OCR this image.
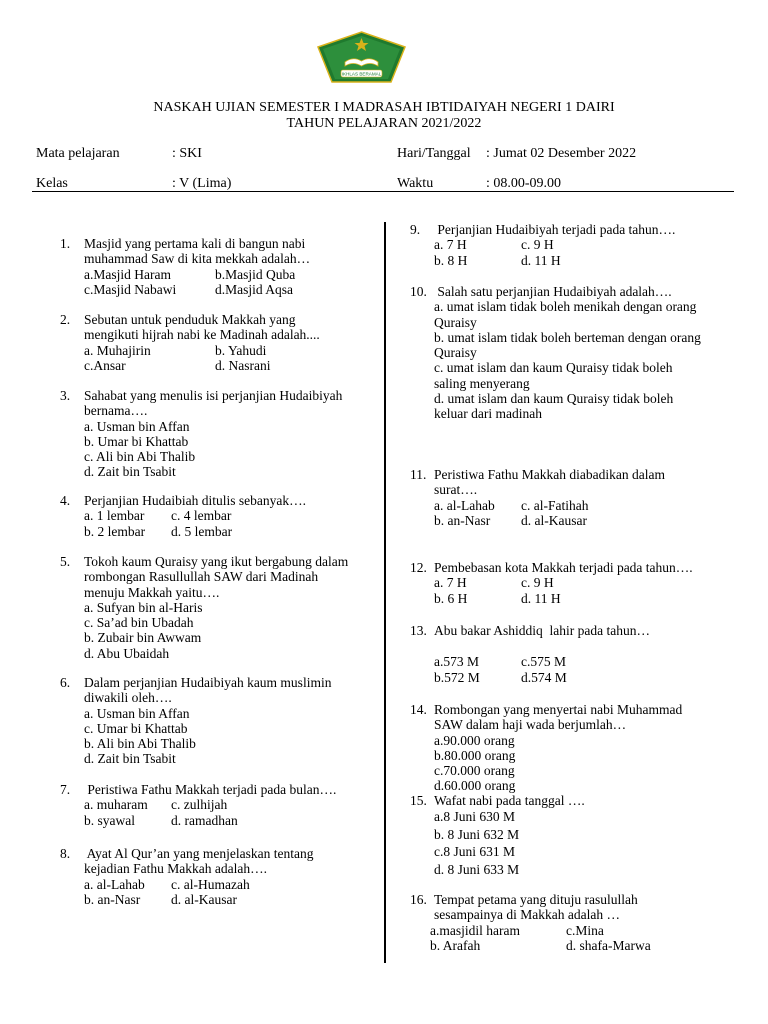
IKHLAS BERAMAL
NASKAH UJIAN SEMESTER I MADRASAH IBTIDAIYAH NEGERI 1 DAIRI
TAHUN PELAJARAN 2021/2022
Mata pelajaran	: SKI	Hari/Tanggal : Jumat 02 Desember 2022
Kelas	: V (Lima)	Waktu	: 08.00-09.00
1. Masjid yang pertama kali di bangun nabi
muhammad Saw di kita mekkah adalah…
a.Masjid Haram	b.Masjid Quba
c.Masjid Nabawi	d.Masjid Aqsa
2. Sebutan untuk penduduk Makkah yang
mengikuti hijrah nabi ke Madinah adalah....
a. Muhajirin	b. Yahudi
c.Ansar	d. Nasrani
3. Sahabat yang menulis isi perjanjian Hudaibiyah
bernama….
a. Usman bin Affan
b. Umar bi Khattab
c. Ali bin Abi Thalib
d. Zait bin Tsabit
4. Perjanjian Hudaibiah ditulis sebanyak….
a. 1 lembar c. 4 lembar
b. 2 lembar d. 5 lembar
5. Tokoh kaum Quraisy yang ikut bergabung dalam
rombongan Rasullullah SAW dari Madinah
menuju Makkah yaitu….
a. Sufyan bin al-Haris
c. Sa’ad bin Ubadah
b. Zubair bin Awwam
d. Abu Ubaidah
6. Dalam perjanjian Hudaibiyah kaum muslimin
diwakili oleh….
a. Usman bin Affan
c. Umar bi Khattab
b. Ali bin Abi Thalib
d. Zait bin Tsabit
7. Peristiwa Fathu Makkah terjadi pada bulan….
a. muharam c. zulhijah
b. syawal	d. ramadhan
8. Ayat Al Qur’an yang menjelaskan tentang
kejadian Fathu Makkah adalah….
a. al-Lahab c. al-Humazah
b. an-Nasr d. al-Kausar
9. Perjanjian Hudaibiyah terjadi pada tahun….
a. 7 H	c. 9 H
b. 8 H	d. 11 H
10. Salah satu perjanjian Hudaibiyah adalah….
a. umat islam tidak boleh menikah dengan orang
Quraisy
b. umat islam tidak boleh berteman dengan orang
Quraisy
c. umat islam dan kaum Quraisy tidak boleh
saling menyerang
d. umat islam dan kaum Quraisy tidak boleh
keluar dari madinah
11. Peristiwa Fathu Makkah diabadikan dalam
surat….
a. al-Lahab c. al-Fatihah
b. an-Nasr d. al-Kausar
12. Pembebasan kota Makkah terjadi pada tahun….
a. 7 H	c. 9 H
b. 6 H	d. 11 H
13. Abu bakar Ashiddiq  lahir pada tahun…
a.573 M	c.575 M
b.572 M	d.574 M
14. Rombongan yang menyertai nabi Muhammad
SAW dalam haji wada berjumlah…
a.90.000 orang
b.80.000 orang
c.70.000 orang
d.60.000 orang
15. Wafat nabi pada tanggal ….
a.8 Juni 630 M
b. 8 Juni 632 M
c.8 Juni 631 M
d. 8 Juni 633 M
16. Tempat petama yang dituju rasulullah
sesampainya di Makkah adalah …
a.masjidil haram	c.Mina
b. Arafah	d. shafa-Marwa
